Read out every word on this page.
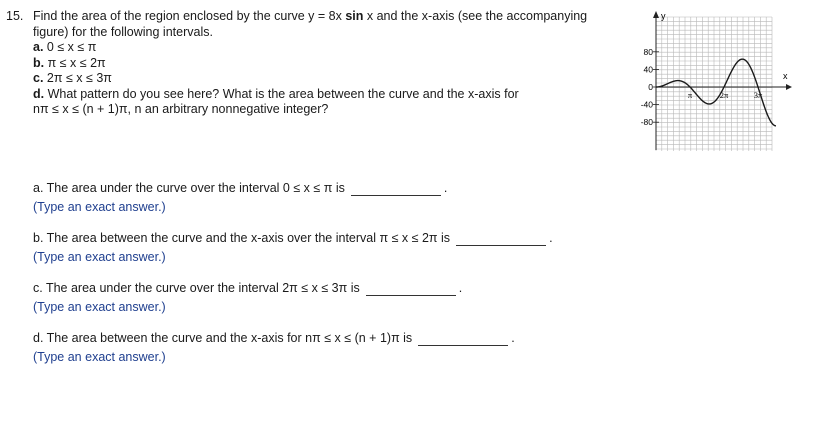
15. Find the area of the region enclosed by the curve y = 8x sin x and the x-axis (see the accompanying
figure) for the following intervals.
a. 0 ≤ x ≤ π
b. π ≤ x ≤ 2π
c. 2π ≤ x ≤ 3π
d. What pattern do you see here? What is the area between the curve and the x-axis for
nπ ≤ x ≤ (n + 1)π, n an arbitrary nonnegative integer?
y
x
80
40
0
-40
-80
π	2π	3π
a. The area under the curve over the interval 0 ≤ x ≤ π is	.
(Type an exact answer.)
b. The area between the curve and the x-axis over the interval π ≤ x ≤ 2π is	.
(Type an exact answer.)
c. The area under the curve over the interval 2π ≤ x ≤ 3π is	.
(Type an exact answer.)
d. The area between the curve and the x-axis for nπ ≤ x ≤ (n + 1)π is	.
(Type an exact answer.)
